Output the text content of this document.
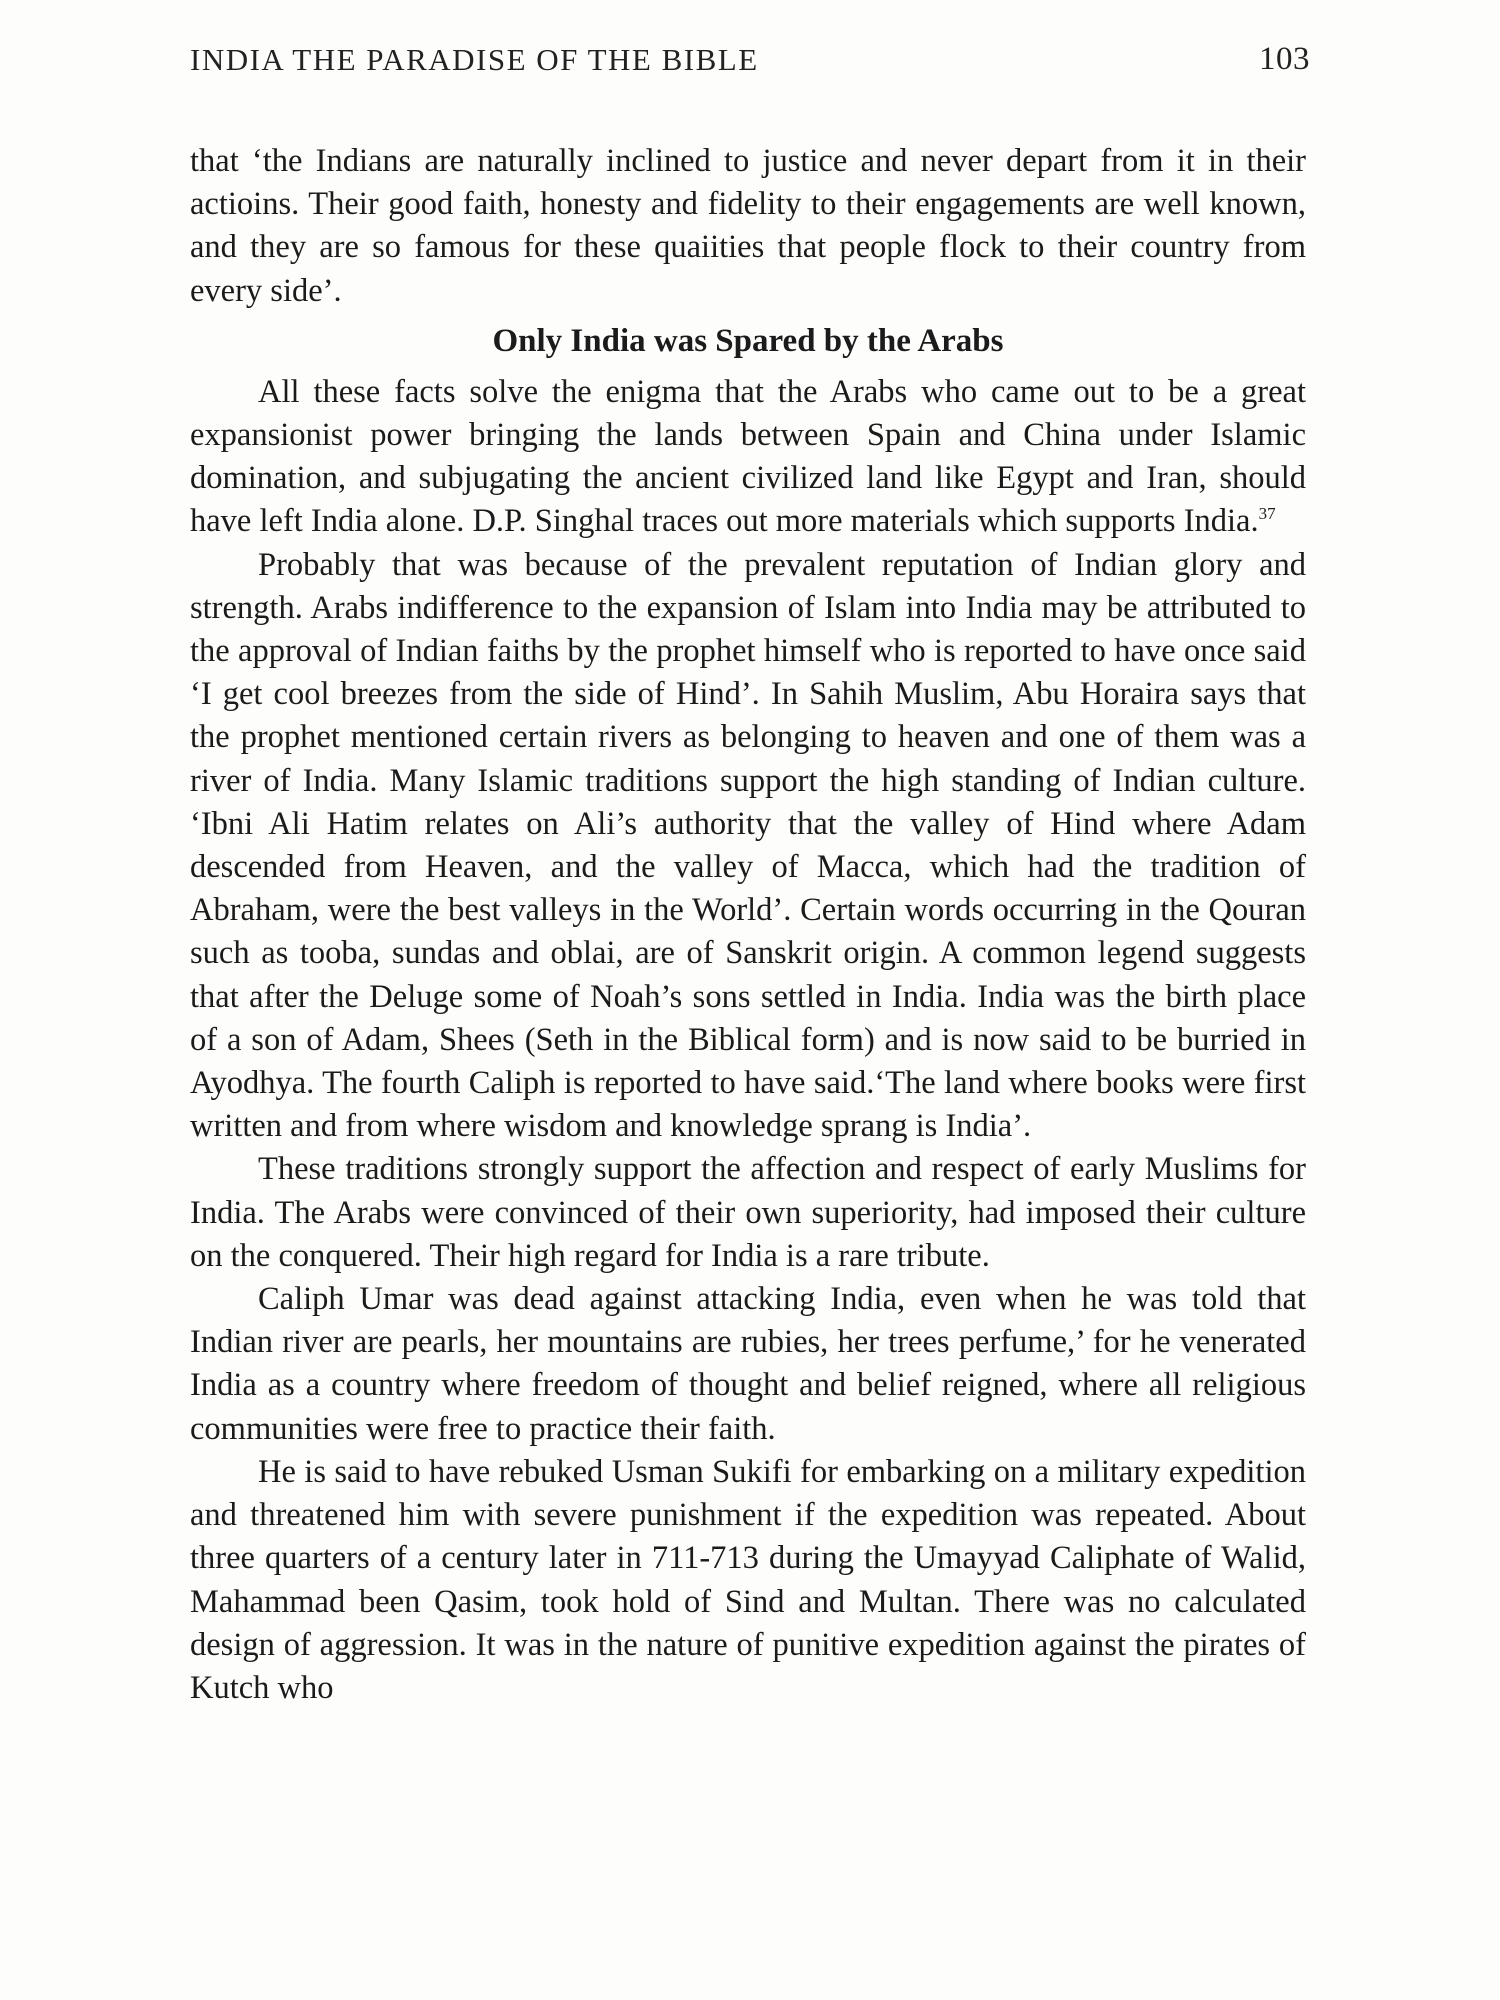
INDIA THE PARADISE OF THE BIBLE	103

that ‘the Indians are naturally inclined to justice and never depart from it in their actioins. Their good faith, honesty and fidelity to their engagements are well known, and they are so famous for these quaiities that people flock to their country from every side’.

Only India was Spared by the Arabs

All these facts solve the enigma that the Arabs who came out to be a great expansionist power bringing the lands between Spain and China under Islamic domination, and subjugating the ancient civilized land like Egypt and Iran, should have left India alone. D.P. Singhal traces out more materials which supports India.$^{37}$

Probably that was because of the prevalent reputation of Indian glory and strength. Arabs indifference to the expansion of Islam into India may be attributed to the approval of Indian faiths by the prophet himself who is reported to have once said ‘I get cool breezes from the side of Hind’. In Sahih Muslim, Abu Horaira says that the prophet mentioned certain rivers as belonging to heaven and one of them was a river of India. Many Islamic traditions support the high standing of Indian culture. ‘Ibni Ali Hatim relates on Ali’s authority that the valley of Hind where Adam descended from Heaven, and the valley of Macca, which had the tradition of Abraham, were the best valleys in the World’. Certain words occurring in the Qouran such as tooba, sundas and oblai, are of Sanskrit origin. A common legend suggests that after the Deluge some of Noah’s sons settled in India. India was the birth place of a son of Adam, Shees (Seth in the Biblical form) and is now said to be burried in Ayodhya. The fourth Caliph is reported to have said.‘The land where books were first written and from where wisdom and knowledge sprang is India’.

These traditions strongly support the affection and respect of early Muslims for India. The Arabs were convinced of their own superiority, had imposed their culture on the conquered. Their high regard for India is a rare tribute.

Caliph Umar was dead against attacking India, even when he was told that Indian river are pearls, her mountains are rubies, her trees perfume,’ for he venerated India as a country where freedom of thought and belief reigned, where all religious communities were free to practice their faith.

He is said to have rebuked Usman Sukifi for embarking on a military expedition and threatened him with severe punishment if the expedition was repeated. About three quarters of a century later in 711-713 during the Umayyad Caliphate of Walid, Mahammad been Qasim, took hold of Sind and Multan. There was no calculated design of aggression. It was in the nature of punitive expedition against the pirates of Kutch who
